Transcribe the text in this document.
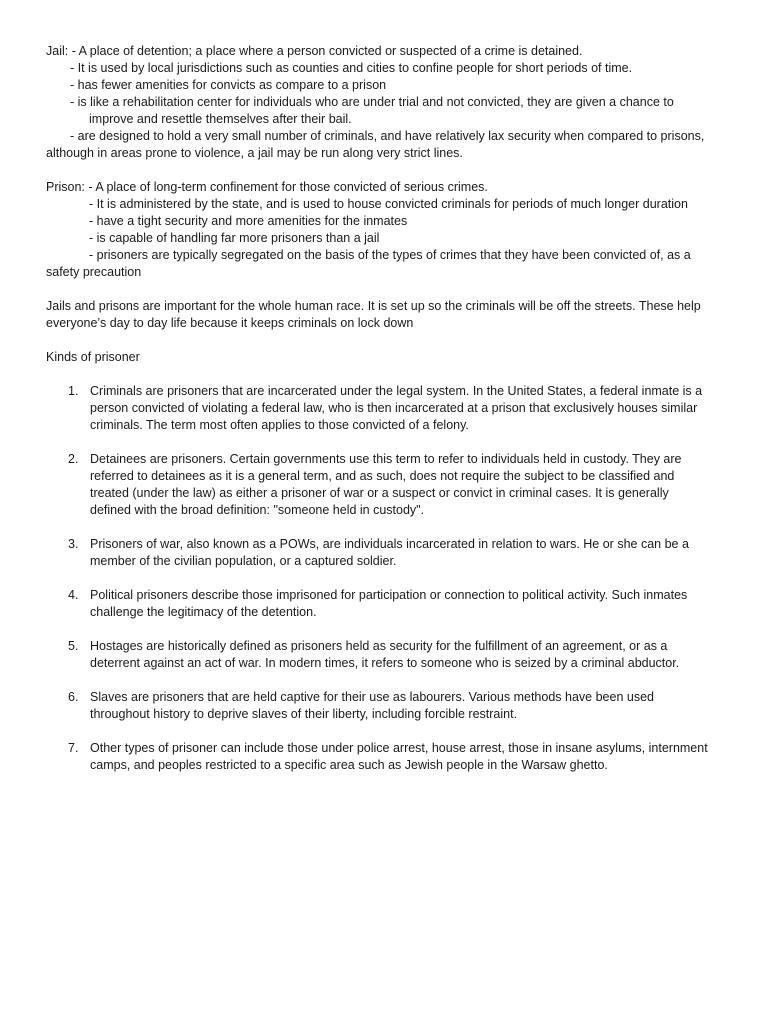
Jail: - A place of detention; a place where a person convicted or suspected of a crime is detained.
- It is used by local jurisdictions such as counties and cities to confine people for short periods of time.
- has fewer amenities for convicts as compare to a prison
- is like a rehabilitation center for individuals who are under trial and not convicted, they are given a chance to
improve and resettle themselves after their bail.
- are designed to hold a very small number of criminals, and have relatively lax security when compared to prisons,
although in areas prone to violence, a jail may be run along very strict lines.
Prison: - A place of long-term confinement for those convicted of serious crimes.
- It is administered by the state, and is used to house convicted criminals for periods of much longer duration
- have a tight security and more amenities for the inmates
- is capable of handling far more prisoners than a jail
- prisoners are typically segregated on the basis of the types of crimes that they have been convicted of, as a
safety precaution
Jails and prisons are important for the whole human race. It is set up so the criminals will be off the streets. These help
everyone’s day to day life because it keeps criminals on lock down
Kinds of prisoner
1. Criminals are prisoners that are incarcerated under the legal system. In the United States, a federal inmate is a
person convicted of violating a federal law, who is then incarcerated at a prison that exclusively houses similar
criminals. The term most often applies to those convicted of a felony.
2. Detainees are prisoners. Certain governments use this term to refer to individuals held in custody. They are
referred to detainees as it is a general term, and as such, does not require the subject to be classified and
treated (under the law) as either a prisoner of war or a suspect or convict in criminal cases. It is generally
defined with the broad definition: "someone held in custody".
3. Prisoners of war, also known as a POWs, are individuals incarcerated in relation to wars. He or she can be a
member of the civilian population, or a captured soldier.
4. Political prisoners describe those imprisoned for participation or connection to political activity. Such inmates
challenge the legitimacy of the detention.
5. Hostages are historically defined as prisoners held as security for the fulfillment of an agreement, or as a
deterrent against an act of war. In modern times, it refers to someone who is seized by a criminal abductor.
6. Slaves are prisoners that are held captive for their use as labourers. Various methods have been used
throughout history to deprive slaves of their liberty, including forcible restraint.
7. Other types of prisoner can include those under police arrest, house arrest, those in insane asylums, internment
camps, and peoples restricted to a specific area such as Jewish people in the Warsaw ghetto.
